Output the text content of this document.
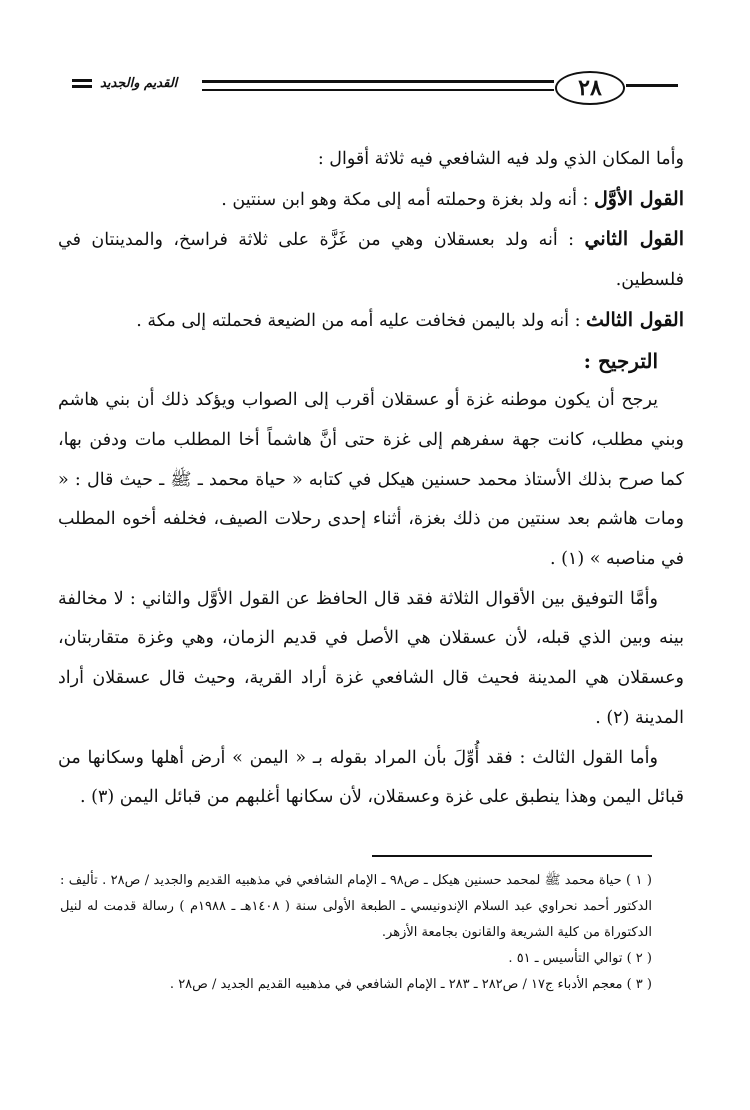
القديم والجديد	٢٨

وأما المكان الذي ولد فيه الشافعي فيه ثلاثة أقوال :

القول الأوَّل : أنه ولد بغزة وحملته أمه إلى مكة وهو ابن سنتين .

القول الثاني : أنه ولد بعسقلان وهي من غَزَّة على ثلاثة فراسخ، والمدينتان في فلسطين.

القول الثالث : أنه ولد باليمن فخافت عليه أمه من الضيعة فحملته إلى مكة .

الترجيح :

يرجح أن يكون موطنه غزة أو عسقلان أقرب إلى الصواب ويؤكد ذلك أن بني هاشم وبني مطلب، كانت جهة سفرهم إلى غزة حتى أنَّ هاشماً أخا المطلب مات ودفن بها، كما صرح بذلك الأستاذ محمد حسنين هيكل في كتابه « حياة محمد ـ ﷺ ـ حيث قال : « ومات هاشم بعد سنتين من ذلك بغزة، أثناء إحدى رحلات الصيف، فخلفه أخوه المطلب في مناصبه » (١) .

وأمَّا التوفيق بين الأقوال الثلاثة فقد قال الحافظ عن القول الأوَّل والثاني : لا مخالفة بينه وبين الذي قبله، لأن عسقلان هي الأصل في قديم الزمان، وهي وغزة متقاربتان، وعسقلان هي المدينة فحيث قال الشافعي غزة أراد القرية، وحيث قال عسقلان أراد المدينة (٢) .

وأما القول الثالث : فقد أُوِّلَ بأن المراد بقوله بـ « اليمن » أرض أهلها وسكانها من قبائل اليمن وهذا ينطبق على غزة وعسقلان، لأن سكانها أغلبهم من قبائل اليمن (٣) .

( ١ ) حياة محمد ﷺ لمحمد حسنين هيكل ـ ص٩٨ ـ الإمام الشافعي في مذهبيه القديم والجديد / ص٢٨ . تأليف : الدكتور أحمد نحراوي عبد السلام الإندونيسي ـ الطبعة الأولى سنة ( ١٤٠٨هـ ـ ١٩٨٨م ) رسالة قدمت له لنيل الدكتوراة من كلية الشريعة والقانون بجامعة الأزهر.

( ٢ ) توالي التأسيس ـ ٥١ .

( ٣ ) معجم الأدباء ج١٧ / ص٢٨٢ ـ ٢٨٣ ـ الإمام الشافعي في مذهبيه القديم الجديد / ص٢٨ .
